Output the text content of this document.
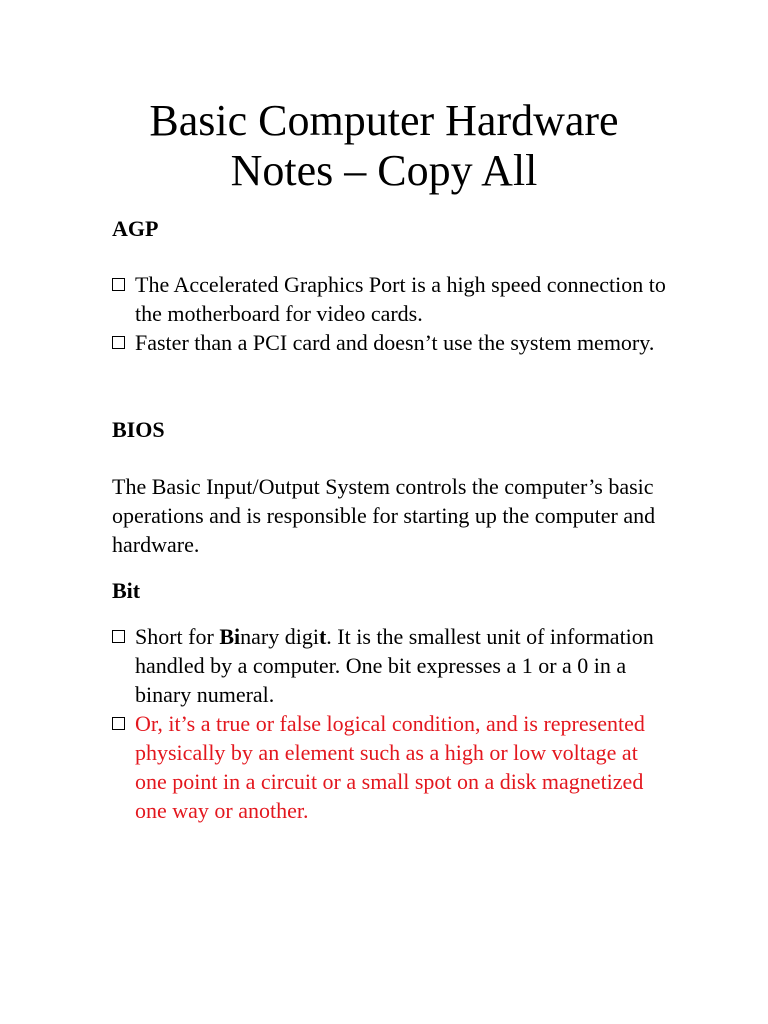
Basic Computer Hardware
Notes – Copy All
AGP

The Accelerated Graphics Port is a high speed connection to the motherboard for video cards.

Faster than a PCI card and doesn’t use the system memory.

BIOS

The Basic Input/Output System controls the computer’s basic operations and is responsible for starting up the computer and hardware.

Bit

Short for Binary digit. It is the smallest unit of information handled by a computer. One bit expresses a 1 or a 0 in a binary numeral.

Or, it’s a true or false logical condition, and is represented physically by an element such as a high or low voltage at one point in a circuit or a small spot on a disk magnetized one way or another.
